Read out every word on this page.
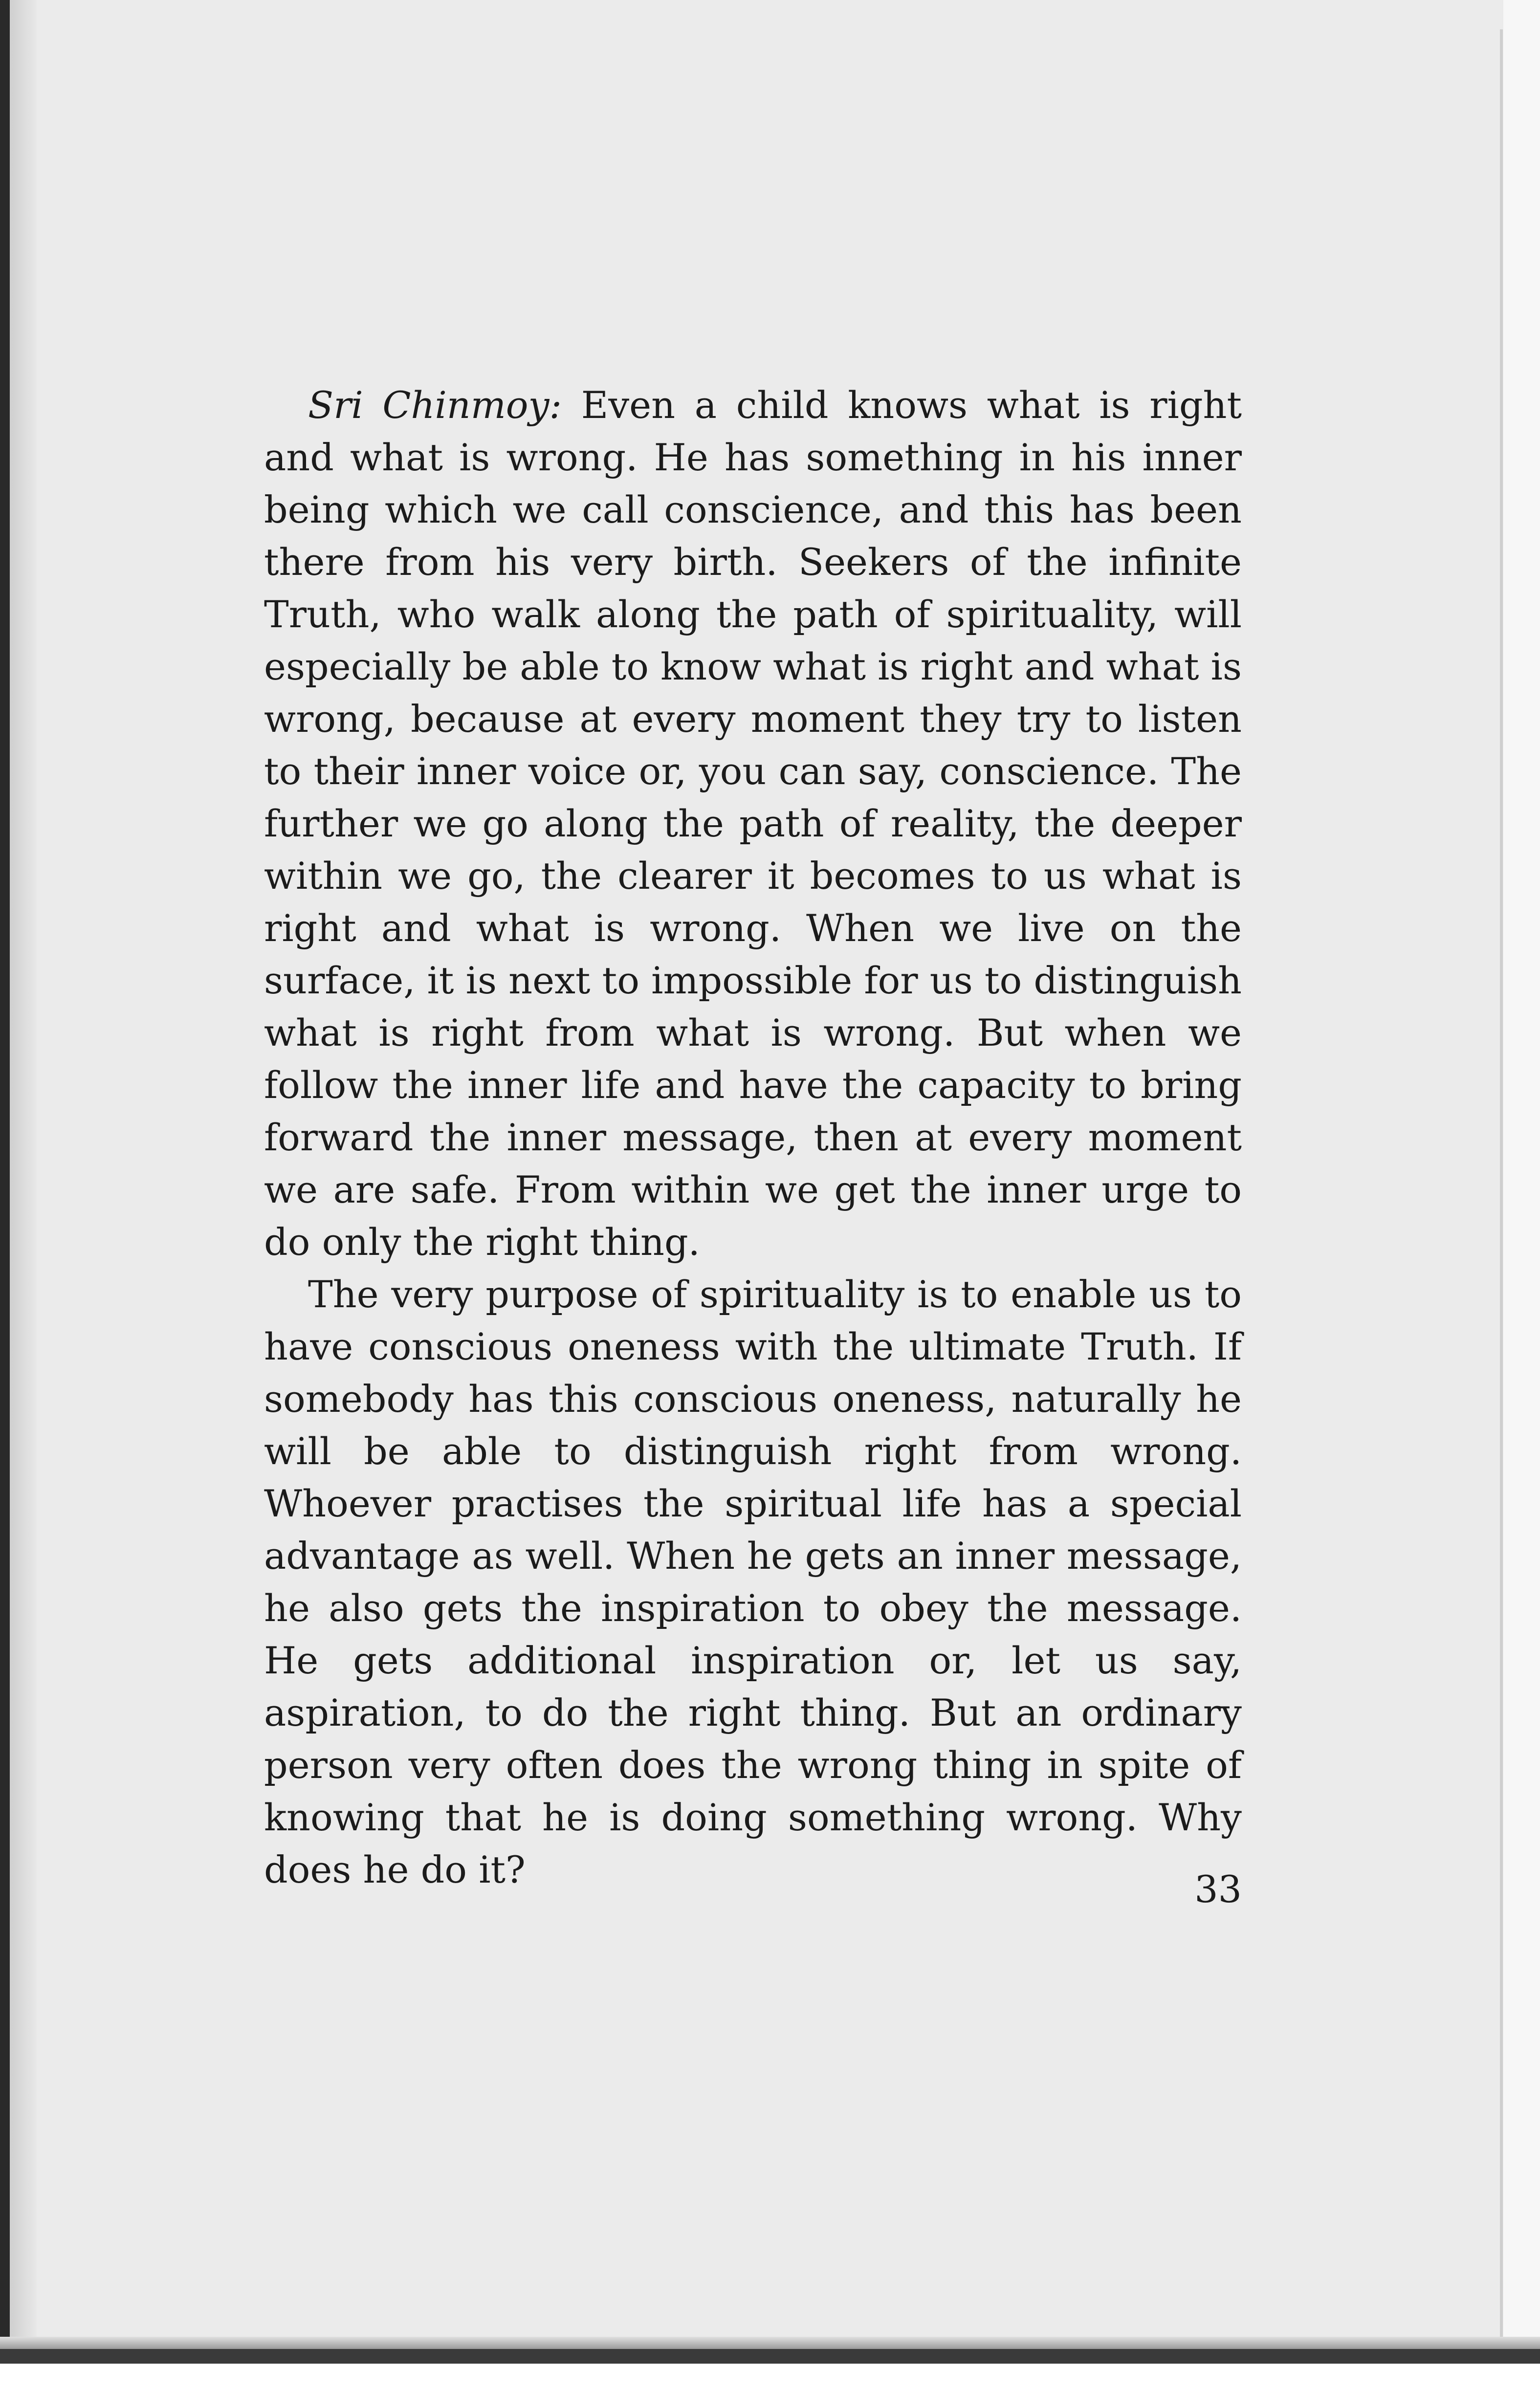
Sri Chinmoy: Even a child knows what is right and what is wrong. He has something in his inner being which we call conscience, and this has been there from his very birth. Seekers of the infinite Truth, who walk along the path of spirituality, will especially be able to know what is right and what is wrong, because at every moment they try to listen to their inner voice or, you can say, conscience. The further we go along the path of reality, the deeper within we go, the clearer it becomes to us what is right and what is wrong. When we live on the surface, it is next to impossible for us to distinguish what is right from what is wrong. But when we follow the inner life and have the capacity to bring forward the inner message, then at every moment we are safe. From within we get the inner urge to do only the right thing.

The very purpose of spirituality is to enable us to have conscious oneness with the ultimate Truth. If somebody has this conscious oneness, naturally he will be able to distinguish right from wrong. Whoever practises the spiritual life has a special advantage as well. When he gets an inner message, he also gets the inspiration to obey the message. He gets additional inspiration or, let us say, aspiration, to do the right thing. But an ordinary person very often does the wrong thing in spite of knowing that he is doing something wrong. Why does he do it?	33
